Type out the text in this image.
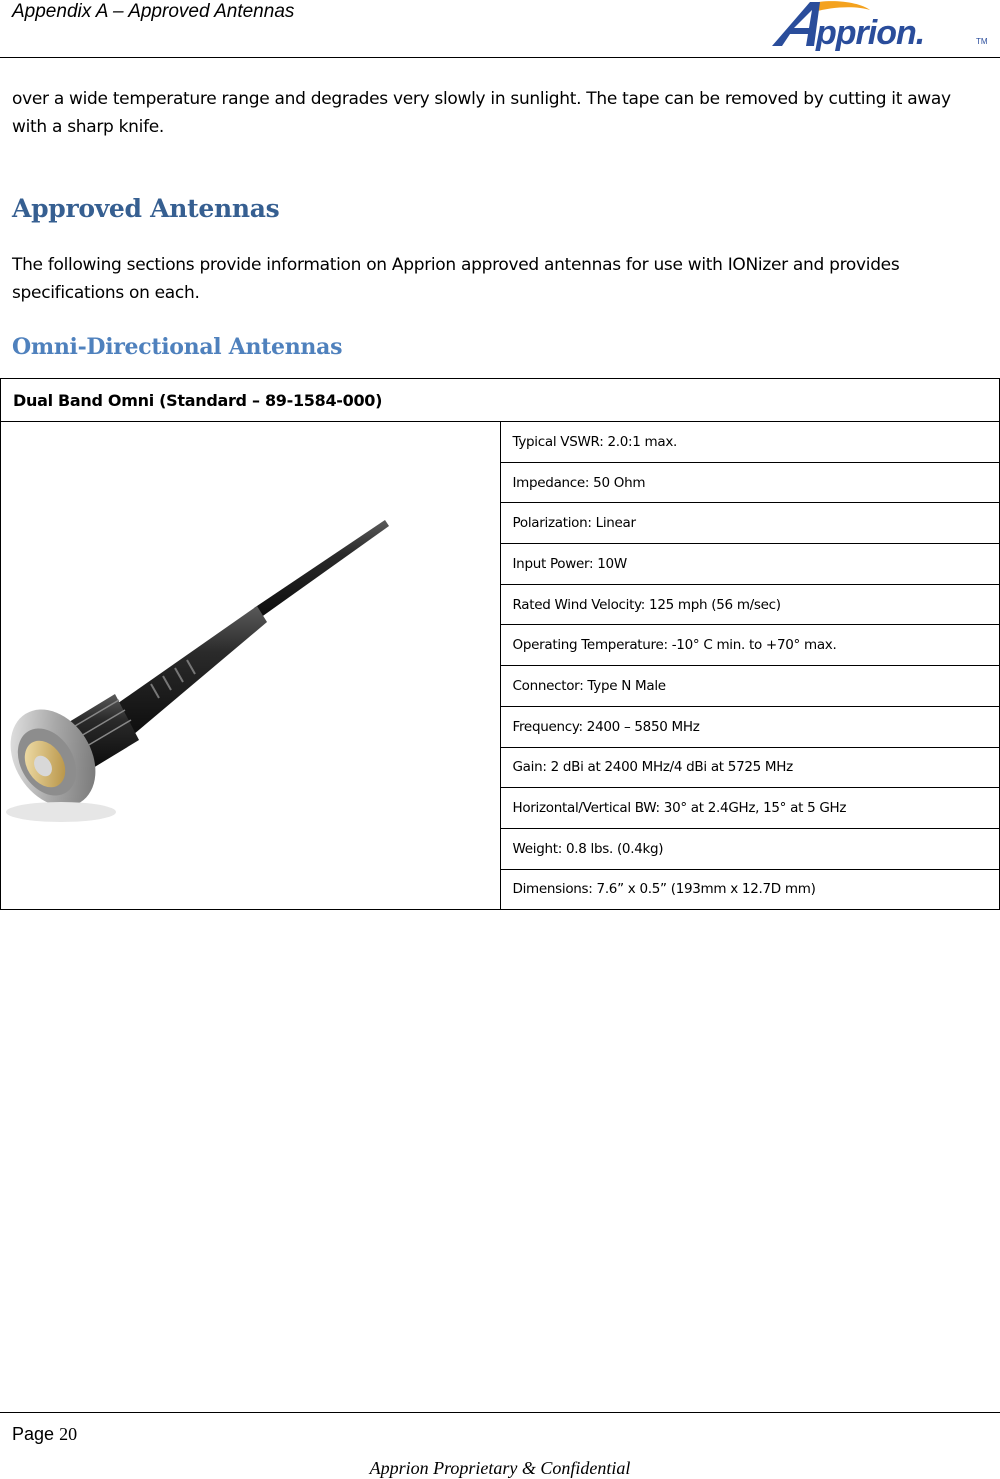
Appendix A – Approved Antennas
pprion.	TM
over a wide temperature range and degrades very slowly in sunlight. The tape can be removed by cutting it away with a sharp knife.
Approved Antennas
The following sections provide information on Apprion approved antennas for use with IONizer and provides specifications on each.
Omni-Directional Antennas
Dual Band Omni (Standard – 89-1584-000)

	Typical VSWR: 2.0:1 max.
Impedance: 50 Ohm
Polarization: Linear
Input Power: 10W
Rated Wind Velocity: 125 mph (56 m/sec)
Operating Temperature: -10° C min. to +70° max.
Connector: Type N Male
Frequency: 2400 – 5850 MHz
Gain: 2 dBi at 2400 MHz/4 dBi at 5725 MHz
Horizontal/Vertical BW: 30° at 2.4GHz, 15° at 5 GHz
Weight: 0.8 lbs. (0.4kg)
Dimensions: 7.6” x 0.5” (193mm x 12.7D mm)
Page 20
Apprion Proprietary & Confidential
